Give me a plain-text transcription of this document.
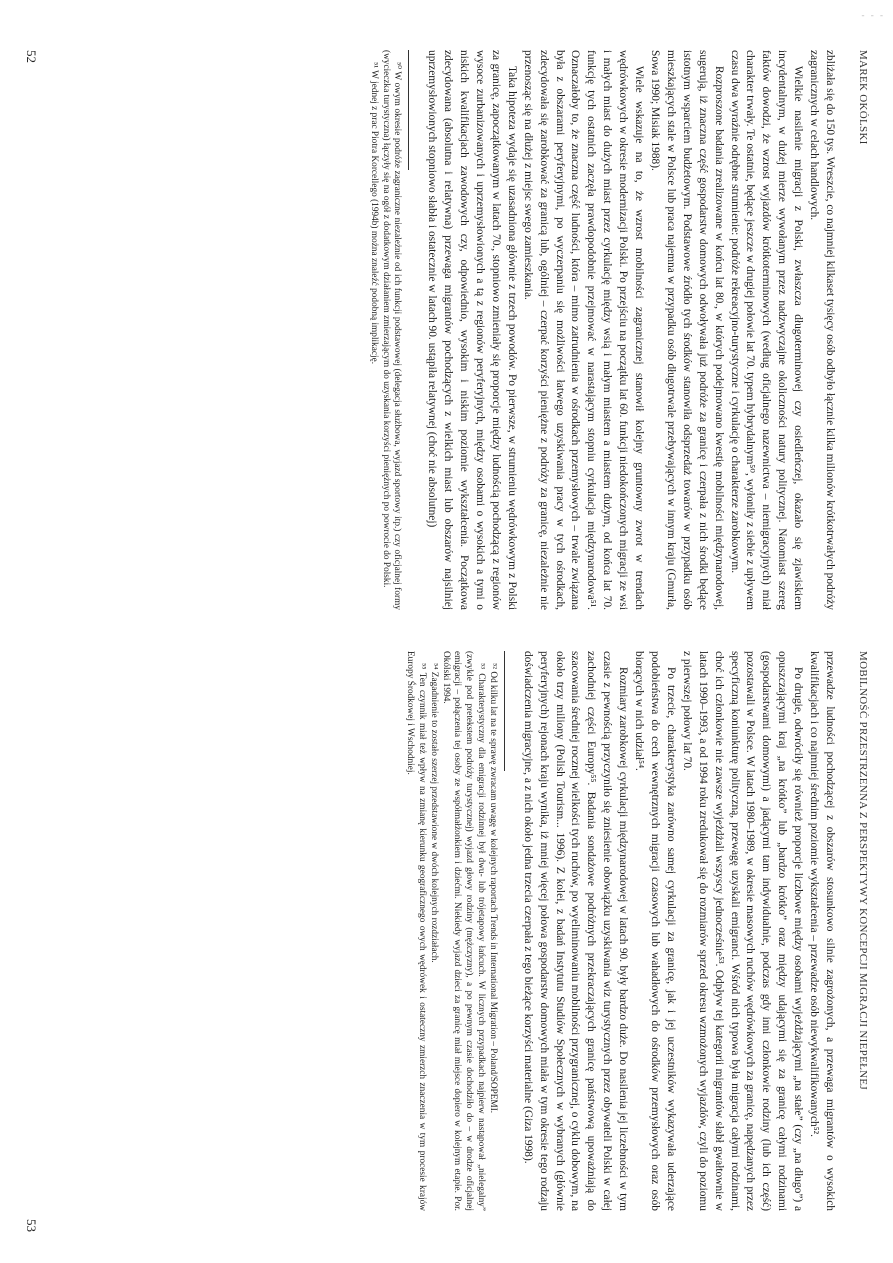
- - -
MAREK OKÓLSKI

zbliżała się do 150 tys. Wreszcie, co najmniej kilkaset tysięcy osób odbyło łącznie kilka milionów krótkotrwałych podróży zagranicznych w celach handlowych.

Wielkie nasilenie migracji z Polski, zwłaszcza długoterminowej czy osiedleńczej, okazało się zjawiskiem incydentalnym, w dużej mierze wywołanym przez nadzwyczajne okoliczności natury politycznej. Natomiast szereg faktów dowodzi, że wzrost wyjazdów krótkoterminowych (według oficjalnego nazewnictwa – niemigracyjnych) miał charakter trwały. Te ostatnie, będące jeszcze w drugiej połowie lat 70. typem hybrydalnym⁵⁰, wyłoniły z siebie z upływem czasu dwa wyraźnie odrębne strumienie: podróże rekreacyjno-turystyczne i cyrkulację o charakterze zarobkowym.

Rozproszone badania zrealizowane w końcu lat 80., w których podejmowano kwestię mobilności międzynarodowej, sugerują, iż znaczna część gospodarstw domowych odwoływała już podróże za granicę i czerpała z nich środki będące istotnym wsparciem budżetowym. Podstawowe źródło tych środków stanowiła odsprzedaż towarów w przypadku osób mieszkających stale w Polsce lub praca najemna w przypadku osób długotrwale przebywających w innym kraju (Gmurła, Sowa 1990; Misiak 1988).

Wiele wskazuje na to, że wzrost mobilności zagranicznej stanowił kolejny gruntowny zwrot w trendach wędrówkowych w okresie modernizacji Polski. Po przejściu na początku lat 60. funkcji niedokończonych migracji ze wsi i małych miast do dużych miast przez cyrkulację między wsią i małym miastem a miastem dużym, od końca lat 70. funkcję tych ostatnich zaczęła prawdopodobnie przejmować w narastającym stopniu cyrkulacja międzynarodowa⁵¹. Oznaczałoby to, że znaczna część ludności, która – mimo zatrudnienia w ośrodkach przemysłowych – trwale związana była z obszarami peryferyjnymi, po wyczerpaniu się możliwości łatwego uzyskiwania pracy w tych ośrodkach, zdecydowała się zarobkować za granicą lub, ogólniej – czerpać korzyści pieniężne z podróży za granicę, niezależnie nie przenosząc się na dłużej z miejsc swego zamieszkania.

Taka hipoteza wydaje się uzasadniona głównie z trzech powodów. Po pierwsze, w strumieniu wędrówkowym z Polski za granicę, zapoczątkowanym w latach 70., stopniowo zmieniały się proporcje między ludnością pochodzącą z regionów wysoce zurbanizowanych i uprzemysłowionych a tą z regionów peryferyjnych, między osobami o wysokich a tymi o niskich kwalifikacjach zawodowych czy, odpowiednio, wysokim i niskim poziomie wykształcenia. Początkowa zdecydowana (absolutna i relatywna) przewaga migrantów pochodzących z wielkich miast lub obszarów najsilniej uprzemysłowionych stopniowo słabła i ostatecznie w latach 90. ustąpiła relatywnej (choć nie absolutnej)

⁵⁰ W owym okresie podróże zagraniczne niezależnie od ich funkcji podstawowej (delegacja służbowa, wyjazd sportowy itp.) czy oficjalnej formy (wycieczka turystyczna) łączyły się na ogół z dodatkowym działaniem zmierzającym do uzyskania korzyści pieniężnych po powrocie do Polski.

⁵¹ W jednej z prac Piotra Korcellego (1994b) można znaleźć podobną implikację.

52
MOBILNOŚĆ PRZESTRZENNA Z PERSPEKTYWY KONCEPCJI MIGRACJI NIEPEŁNEJ

przewadze ludności pochodzącej z obszarów stosunkowo silnie zagrożonych, a przewaga migrantów o wysokich kwalifikacjach i co najmniej średnim poziomie wykształcenia – przewadze osób niewykwalifikowanych⁵².

Po drugie, odwróciły się również proporcje liczbowe między osobami wyjeżdżającymi „na stałe” (czy „na długo”) a opuszczającymi kraj „na krótko” lub „bardzo krótko” oraz między udającymi się za granicę całymi rodzinami (gospodarstwami domowymi) a jadącymi tam indywidualnie, podczas gdy inni członkowie rodziny (lub ich część) pozostawali w Polsce. W latach 1980–1989, w okresie masowych ruchów wędrówkowych za granicę, napędzanych przez specyficzną koniunkturę polityczną, przewagę uzyskali emigranci. Wśród nich typowa była migracja całymi rodzinami, choć ich członkowie nie zawsze wyjeżdżali wszyscy jednocześnie⁵³. Odpływ tej kategorii migrantów słabł gwałtownie w latach 1990–1993, a od 1994 roku zredukował się do rozmiarów sprzed okresu wzmożonych wyjazdów, czyli do poziomu z pierwszej połowy lat 70.

Po trzecie, charakterystyka zarówno samej cyrkulacji za granicę, jak i jej uczestników wykazywała uderzające podobieństwa do cech wewnętrznych migracji czasowych lub wahadłowych do ośrodków przemysłowych oraz osób biorących w nich udział⁵⁴.

Rozmiary zarobkowej cyrkulacji międzynarodowej w latach 90. były bardzo duże. Do nasilenia jej liczebności w tym czasie z pewnością przyczyniło się zniesienie obowiązku uzyskiwania wiz turystycznych przez obywateli Polski w całej zachodniej części Europy⁵⁵. Badania sondażowe podróżnych przekraczających granicę państwową upoważniają do szacowania średniej rocznej wielkości tych ruchów, po wyeliminowaniu mobilności przygranicznej, o cyklu dobowym, na około trzy miliony (Polish Tourism... 1996). Z kolei, z badań Instytutu Studiów Społecznych w wybranych (głównie peryferyjnych) rejonach kraju wynika, iż mniej więcej połowa gospodarstw domowych miała w tym okresie tego rodzaju doświadczenia migracyjne, a z nich około jedna trzecia czerpała z tego bieżące korzyści materialne (Giza 1998).

⁵² Od kilku lat na te sprawę zwracam uwagę w kolejnych raportach Trends in International Migration – Poland/SOPEMI.

⁵³ Charakterystyczny dla emigracji rodzinnej był dwu- lub trójetapowy łańcuch. W licznych przypadkach najpierw nastąpował „nielegalny” (zwykle pod pretekstem podróży turystycznej) wyjazd głowy rodziny (mężczyzny), a po pewnym czasie dochodziło do – w drodze oficjalnej emigracji – połączenia tej osoby ze współmałżonkiem i dziećmi. Niekiedy wyjazd dzieci za granicę miał miejsce dopiero w kolejnym etapie. Por. Okólski 1994.

⁵⁴ Zagadnienie to zostało szerzej przedstawione w dwóch kolejnych rozdziałach.

⁵⁵ Ten czynnik miał też wpływ na zmianę kierunku geograficznego owych wędrówek i ostateczny zmierzch znaczenia w tym procesie krajów Europy Środkowej i Wschodniej.

53
